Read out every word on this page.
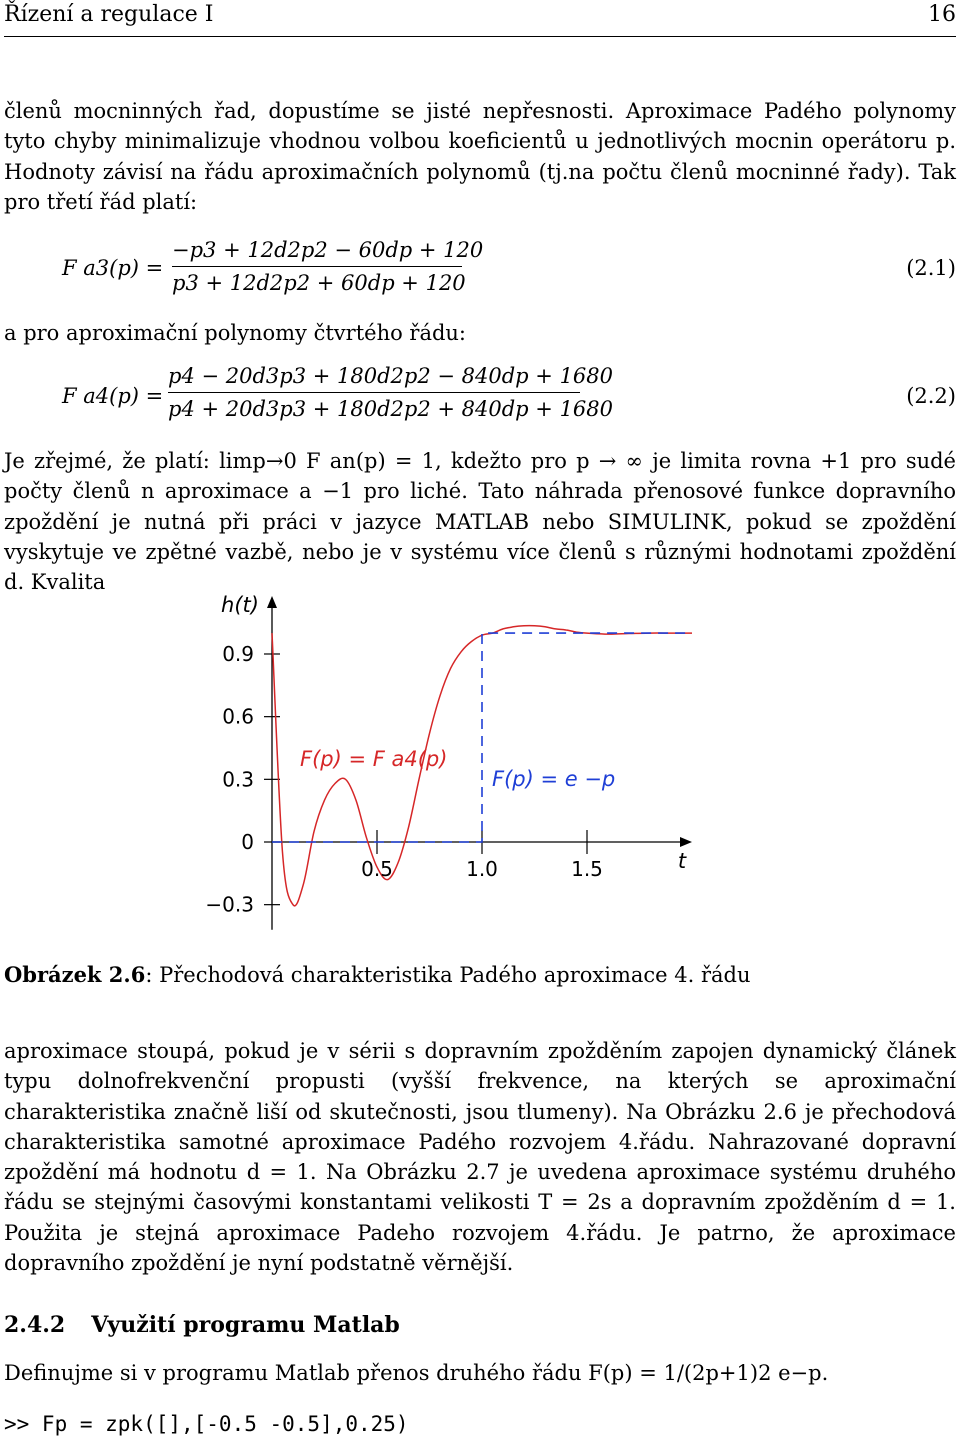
Řízení a regulace I	16
členů mocninných řad, dopustíme se jisté nepřesnosti. Aproximace Padého polynomy tyto chyby minimalizuje vhodnou volbou koeficientů u jednotlivých mocnin operátoru p. Hodnoty závisí na řádu aproximačních polynomů (tj.na počtu členů mocninné řady). Tak pro třetí řád platí:
F a3(p) =
−p3 + 12d2p2 − 60dp + 120
p3 + 12d2p2 + 60dp + 120
(2.1)
a pro aproximační polynomy čtvrtého řádu:
F a4(p) =
p4 − 20d3p3 + 180d2p2 − 840dp + 1680
p4 + 20d3p3 + 180d2p2 + 840dp + 1680
(2.2)
Je zřejmé, že platí: limp→0 F an(p) = 1, kdežto pro p → ∞ je limita rovna +1 pro sudé počty členů n aproximace a −1 pro liché. Tato náhrada přenosové funkce dopravního zpoždění je nutná při práci v jazyce MATLAB nebo SIMULINK, pokud se zpoždění vyskytuje ve zpětné vazbě, nebo je v systému více členů s různými hodnotami zpoždění d. Kvalita
0.9
0.6
0.3
0
−0.3
0.5	1.0	1.5
h(t)
t
F(p) = F a4(p)
F(p) = e −p
Obrázek 2.6: Přechodová charakteristika Padého aproximace 4. řádu
aproximace stoupá, pokud je v sérii s dopravním zpožděním zapojen dynamický článek typu dolnofrekvenční propusti (vyšší frekvence, na kterých se aproximační charakteristika značně liší od skutečnosti, jsou tlumeny). Na Obrázku 2.6 je přechodová charakteristika samotné aproximace Padého rozvojem 4.řádu. Nahrazované dopravní zpoždění má hodnotu d = 1. Na Obrázku 2.7 je uvedena aproximace systému druhého řádu se stejnými časovými konstantami velikosti T = 2s a dopravním zpožděním d = 1. Použita je stejná aproximace Padeho rozvojem 4.řádu. Je patrno, že aproximace dopravního zpoždění je nyní podstatně věrnější.
2.4.2 Využití programu Matlab
Definujme si v programu Matlab přenos druhého řádu F(p) = 1/(2p+1)2 e−p.
>> Fp = zpk([],[-0.5 -0.5],0.25)
